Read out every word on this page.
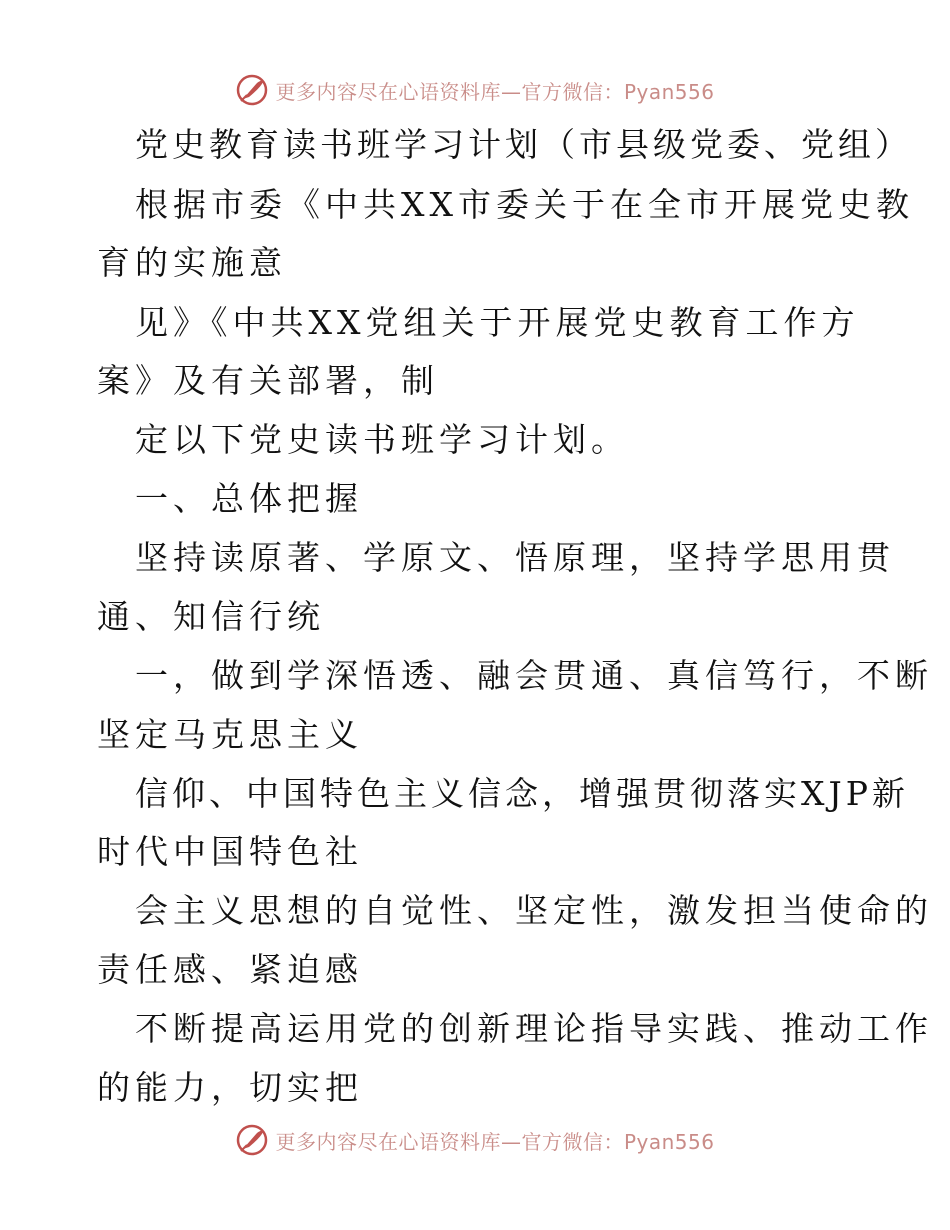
更多内容尽在心语资料库—官方微信：Pyan556
党史教育读书班学习计划（市县级党委、党组）
根据市委《中共XX市委关于在全市开展党史教
育的实施意
见》《中共XX党组关于开展党史教育工作方
案》及有关部署，制
定以下党史读书班学习计划。
一、总体把握
坚持读原著、学原文、悟原理，坚持学思用贯
通、知信行统
一，做到学深悟透、融会贯通、真信笃行，不断
坚定马克思主义
信仰、中国特色主义信念，增强贯彻落实XJP新
时代中国特色社
会主义思想的自觉性、坚定性，激发担当使命的
责任感、紧迫感
不断提高运用党的创新理论指导实践、推动工作
的能力，切实把
更多内容尽在心语资料库—官方微信：Pyan556
